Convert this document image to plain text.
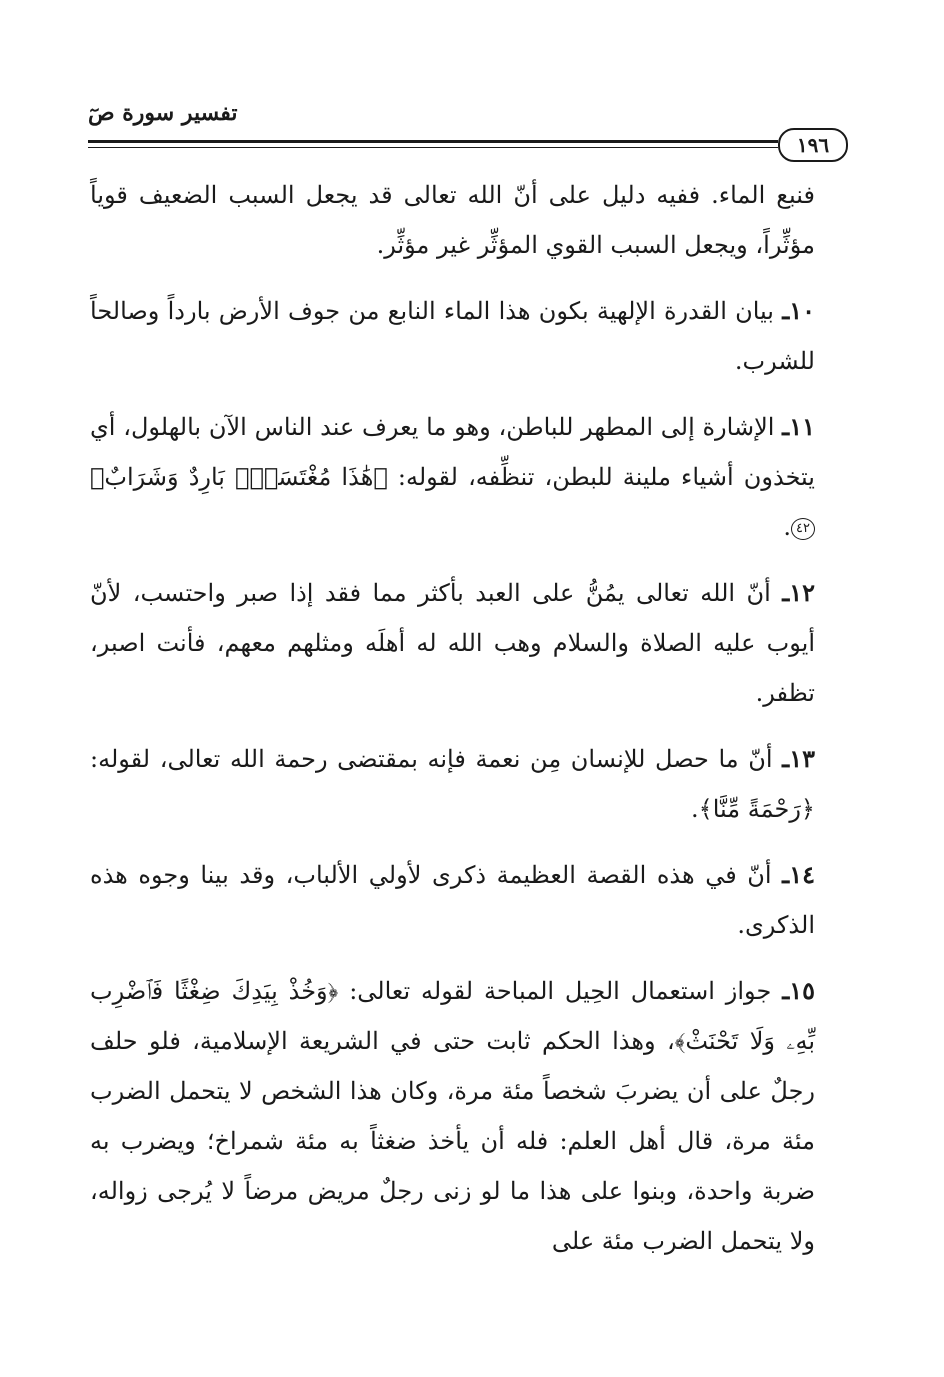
تفسير سورة صٓ
١٩٦

فنبع الماء. ففيه دليل على أنّ الله تعالى قد يجعل السبب الضعيف قوياً مؤثِّراً، ويجعل السبب القوي المؤثِّر غير مؤثِّر.

١٠ـ بيان القدرة الإلهية بكون هذا الماء النابع من جوف الأرض بارداً وصالحاً للشرب.

١١ـ الإشارة إلى المطهر للباطن، وهو ما يعرف عند الناس الآن بالهلول، أي يتخذون أشياء ملينة للبطن، تنظِّفه، لقوله: ﴿هَٰذَا مُغْتَسَلٌۢ بَارِدٌ وَشَرَابٌ﴾ ٤٢.

١٢ـ أنّ الله تعالى يمُنُّ على العبد بأكثر مما فقد إذا صبر واحتسب، لأنّ أيوب عليه الصلاة والسلام وهب الله له أهلَه ومثلهم معهم، فأنت اصبر، تظفر.

١٣ـ أنّ ما حصل للإنسان مِن نعمة فإنه بمقتضى رحمة الله تعالى، لقوله: ﴿رَحْمَةً مِّنَّا﴾.

١٤ـ أنّ في هذه القصة العظيمة ذكرى لأولي الألباب، وقد بينا وجوه هذه الذكرى.

١٥ـ جواز استعمال الحِيل المباحة لقوله تعالى: ﴿وَخُذْ بِيَدِكَ ضِغْثًا فَٱضْرِب بِّهِۦ وَلَا تَحْنَثْ﴾، وهذا الحكم ثابت حتى في الشريعة الإسلامية، فلو حلف رجلٌ على أن يضربَ شخصاً مئة مرة، وكان هذا الشخص لا يتحمل الضرب مئة مرة، قال أهل العلم: فله أن يأخذ ضغثاً به مئة شمراخ؛ ويضرب به ضربة واحدة، وبنوا على هذا ما لو زنى رجلٌ مريض مرضاً لا يُرجى زواله، ولا يتحمل الضرب مئة على
